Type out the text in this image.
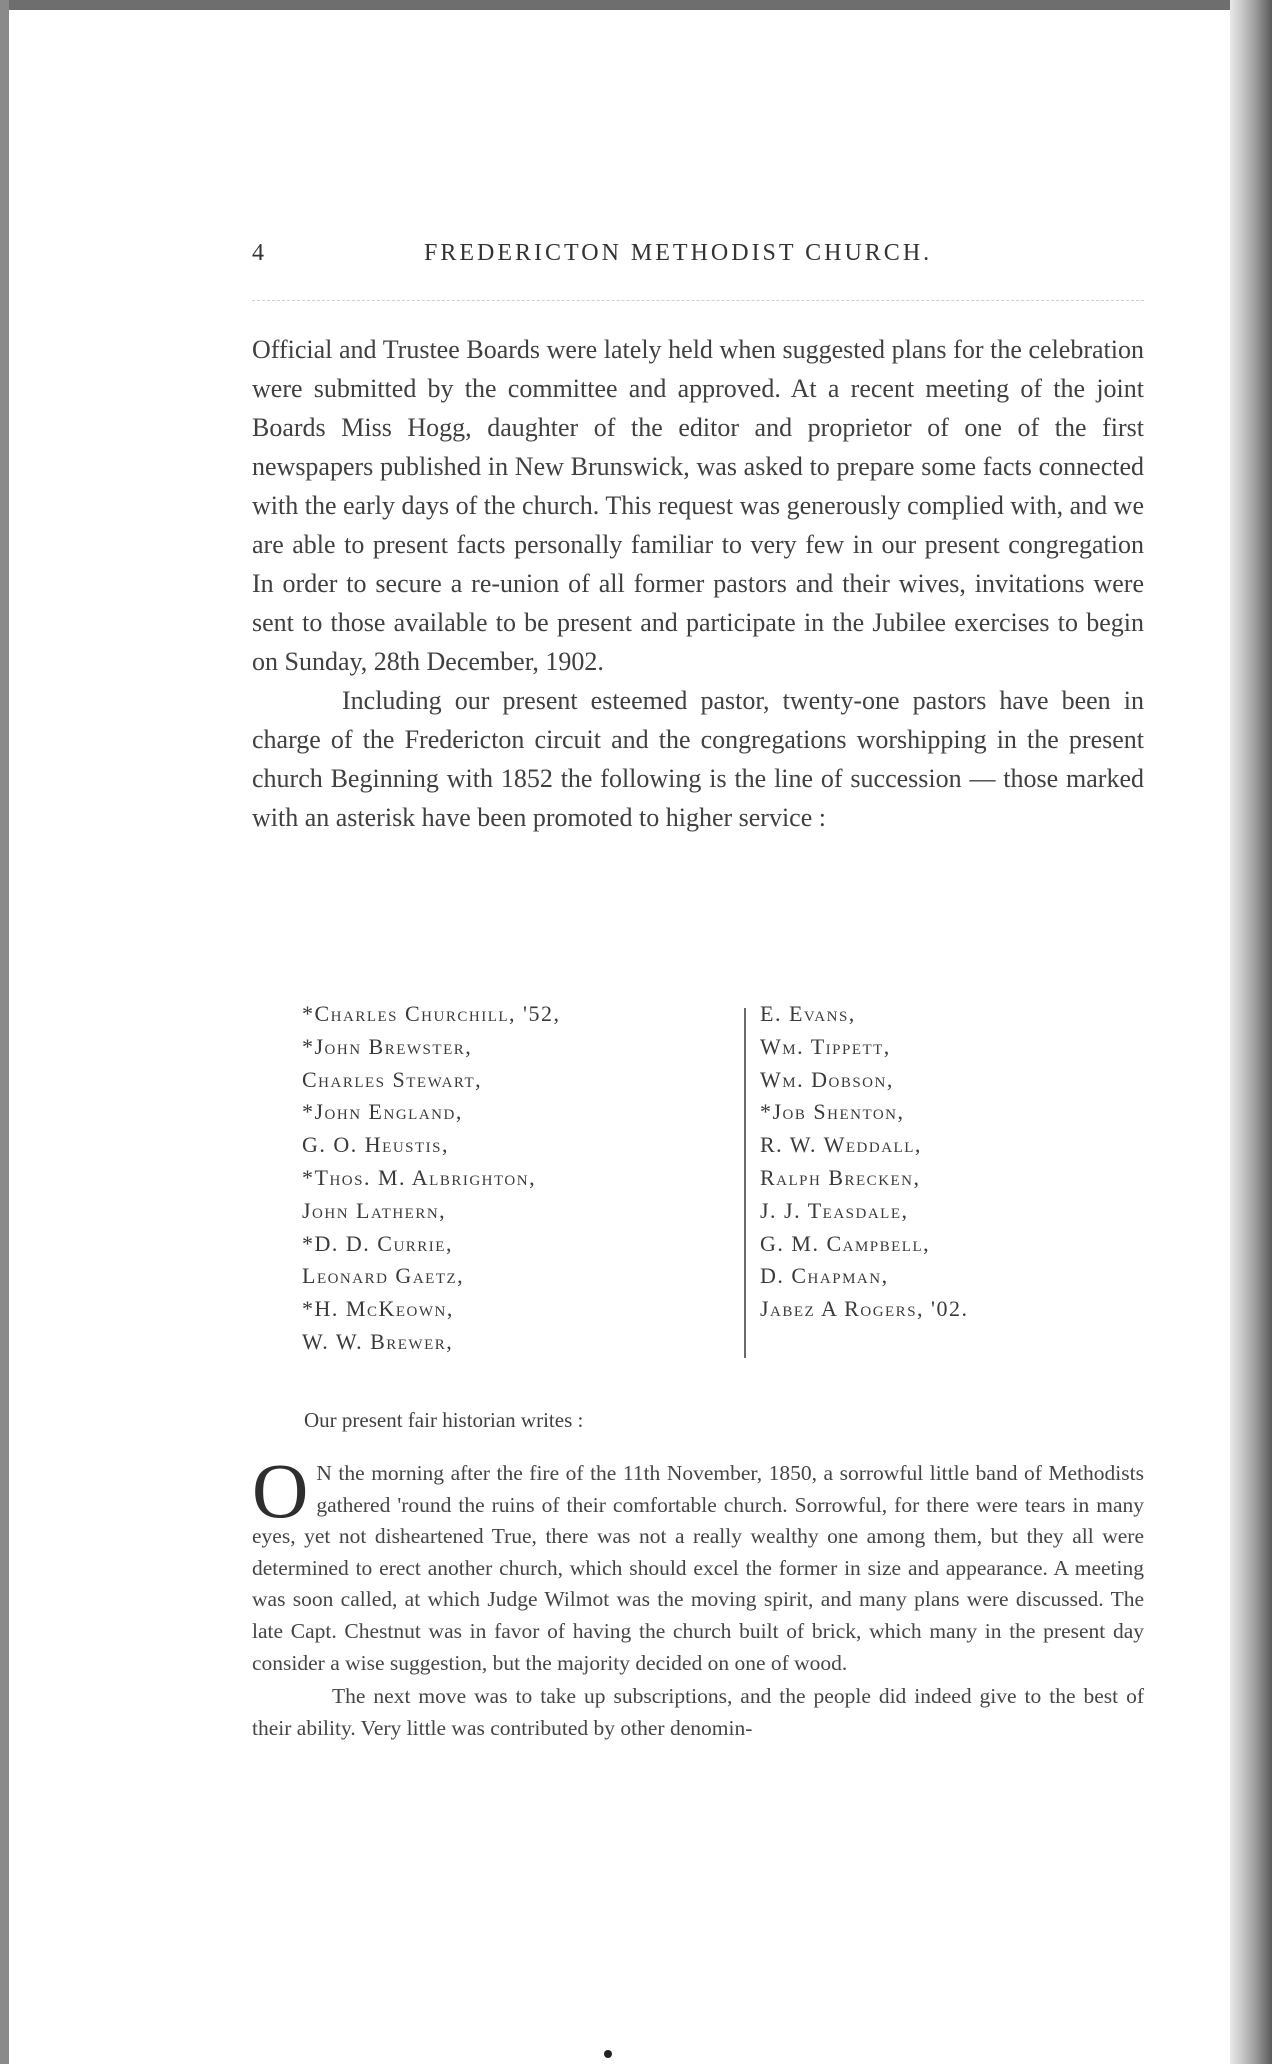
4	FREDERICTON METHODIST CHURCH.

Official and Trustee Boards were lately held when suggested plans for the celebration were submitted by the committee and approved. At a recent meeting of the joint Boards Miss Hogg, daughter of the editor and proprietor of one of the first newspapers published in New Brunswick, was asked to prepare some facts connected with the early days of the church. This request was generously complied with, and we are able to present facts personally familiar to very few in our present congregation In order to secure a re-union of all former pastors and their wives, invitations were sent to those available to be present and participate in the Jubilee exercises to begin on Sunday, 28th December, 1902.

Including our present esteemed pastor, twenty-one pastors have been in charge of the Fredericton circuit and the congregations worshipping in the present church Beginning with 1852 the following is the line of succession — those marked with an asterisk have been promoted to higher service :

*Charles Churchill, '52,
*John Brewster,
Charles Stewart,
*John England,
G. O. Heustis,
*Thos. M. Albrighton,
John Lathern,
*D. D. Currie,
Leonard Gaetz,
*H. McKeown,
W. W. Brewer,
E. Evans,
Wm. Tippett,
Wm. Dobson,
*Job Shenton,
R. W. Weddall,
Ralph Brecken,
J. J. Teasdale,
G. M. Campbell,
D. Chapman,
Jabez A Rogers, '02.
Our present fair historian writes :

O N the morning after the fire of the 11th November, 1850, a sorrowful little band of Methodists gathered 'round the ruins of their comfortable church. Sorrowful, for there were tears in many eyes, yet not disheartened True, there was not a really wealthy one among them, but they all were determined to erect another church, which should excel the former in size and appearance. A meeting was soon called, at which Judge Wilmot was the moving spirit, and many plans were discussed. The late Capt. Chestnut was in favor of having the church built of brick, which many in the present day consider a wise suggestion, but the majority decided on one of wood.

The next move was to take up subscriptions, and the people did indeed give to the best of their ability. Very little was contributed by other denomin-
